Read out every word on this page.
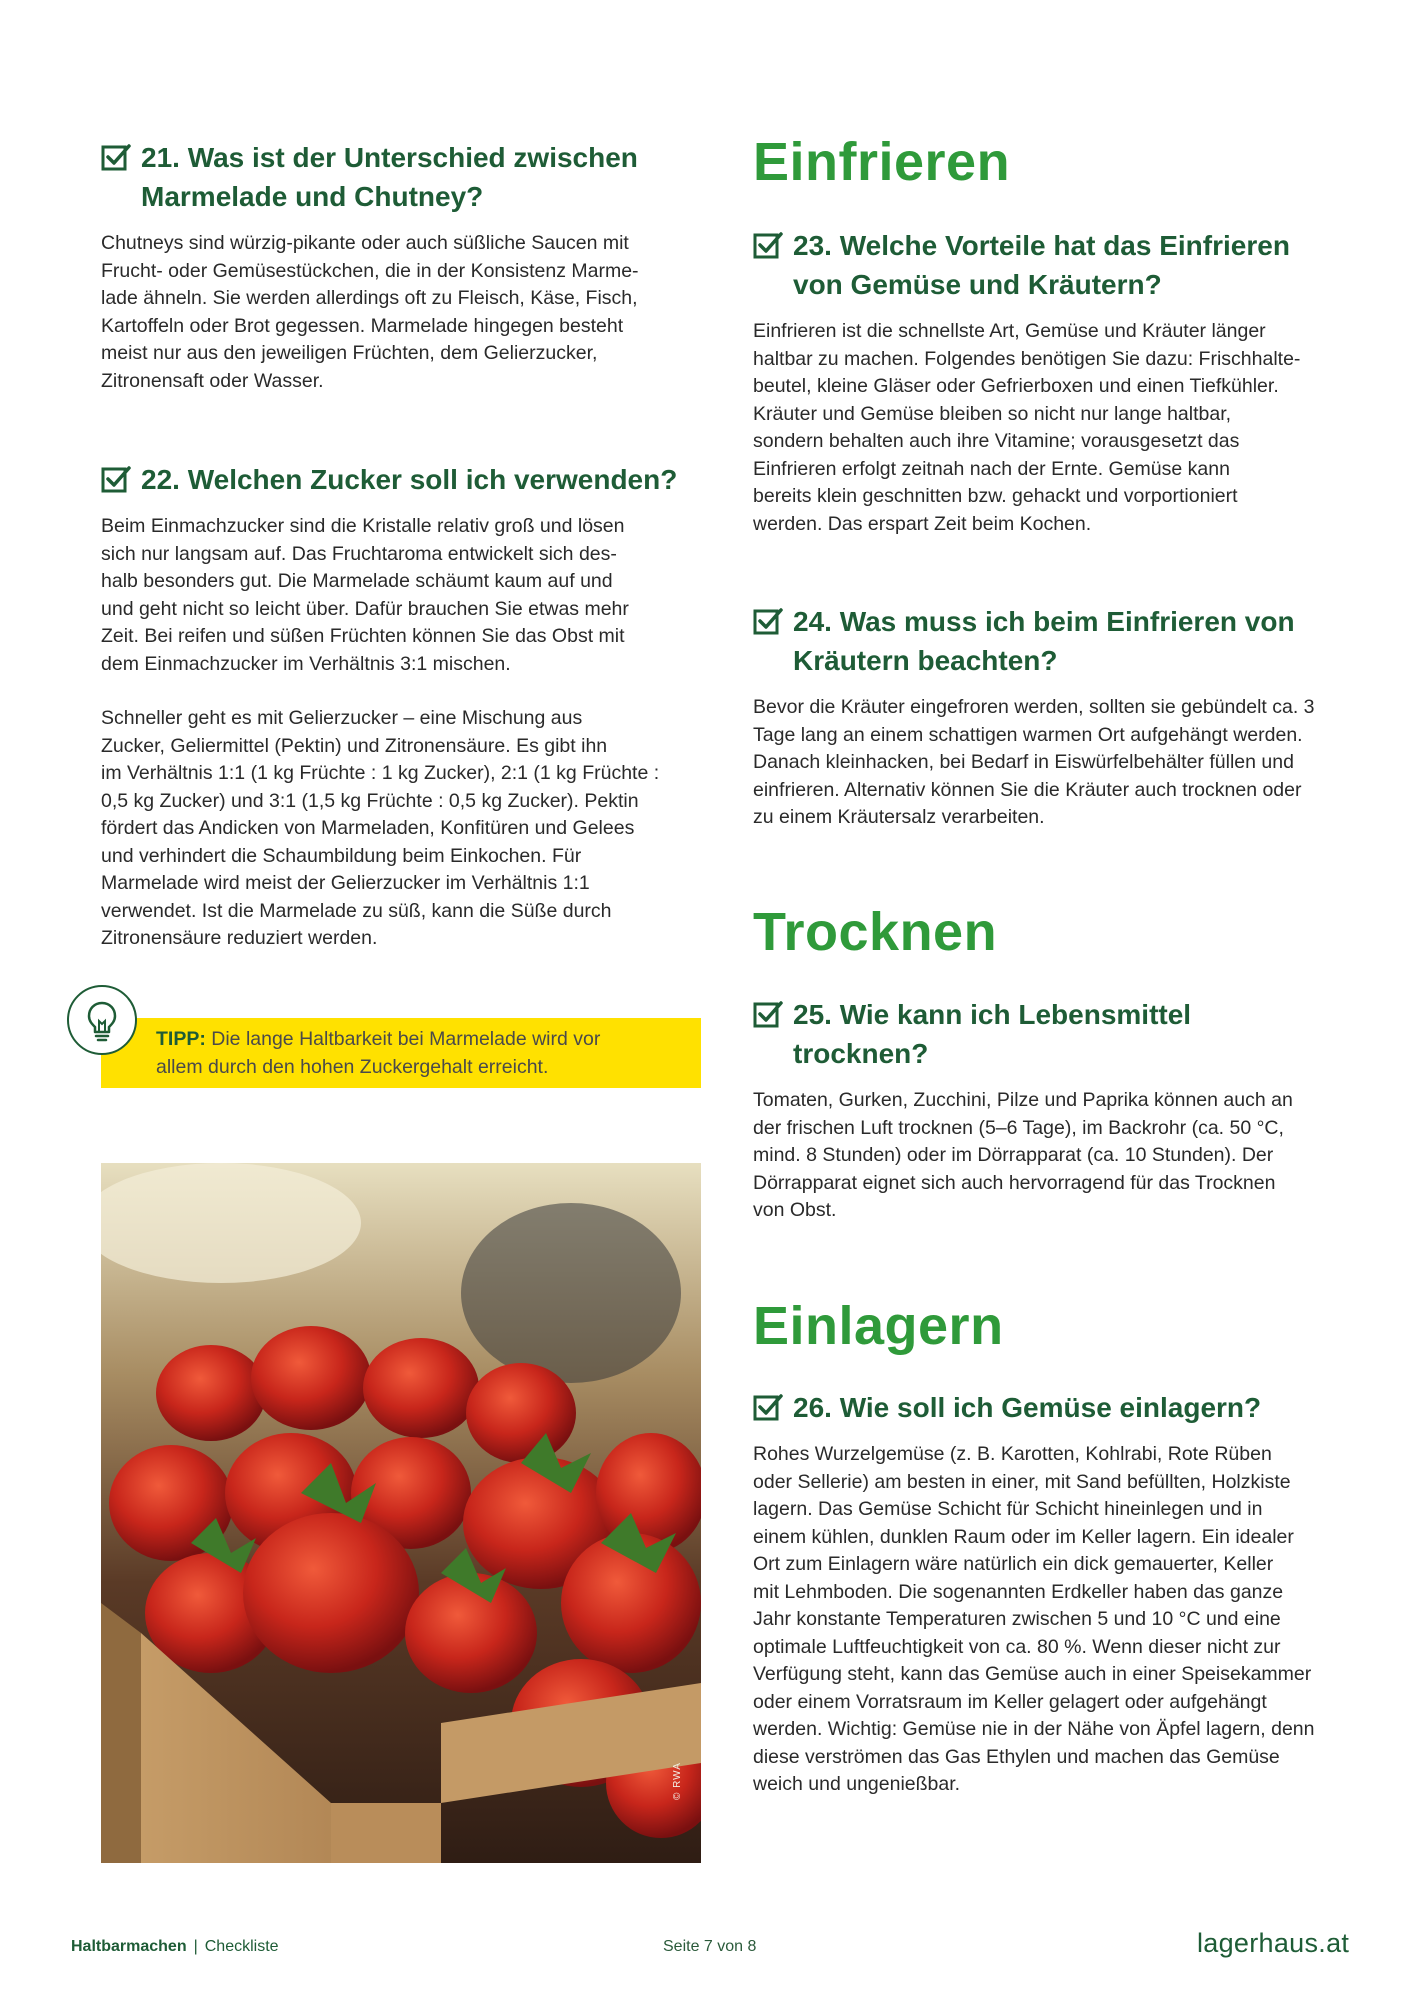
21. Was ist der Unterschied zwischen
Marmelade und Chutney?

Chutneys sind würzig-pikante oder auch süßliche Saucen mit
Frucht- oder Gemüsestückchen, die in der Konsistenz Marme-
lade ähneln. Sie werden allerdings oft zu Fleisch, Käse, Fisch,
Kartoffeln oder Brot gegessen. Marmelade hingegen besteht
meist nur aus den jeweiligen Früchten, dem Gelierzucker,
Zitronensaft oder Wasser.

22. Welchen Zucker soll ich verwenden?

Beim Einmachzucker sind die Kristalle relativ groß und lösen
sich nur langsam auf. Das Fruchtaroma entwickelt sich des-
halb besonders gut. Die Marmelade schäumt kaum auf und
und geht nicht so leicht über. Dafür brauchen Sie etwas mehr
Zeit. Bei reifen und süßen Früchten können Sie das Obst mit
dem Einmachzucker im Verhältnis 3:1 mischen.

Schneller geht es mit Gelierzucker – eine Mischung aus
Zucker, Geliermittel (Pektin) und Zitronensäure. Es gibt ihn
im Verhältnis 1:1 (1 kg Früchte : 1 kg Zucker), 2:1 (1 kg Früchte :
0,5 kg Zucker) und 3:1 (1,5 kg Früchte : 0,5 kg Zucker). Pektin
fördert das Andicken von Marmeladen, Konfitüren und Gelees
und verhindert die Schaumbildung beim Einkochen. Für
Marmelade wird meist der Gelierzucker im Verhältnis 1:1
verwendet. Ist die Marmelade zu süß, kann die Süße durch
Zitronensäure reduziert werden.

TIPP: Die lange Haltbarkeit bei Marmelade wird vor
allem durch den hohen Zuckergehalt erreicht.
© RWA
Einfrieren
23. Welche Vorteile hat das Einfrieren
von Gemüse und Kräutern?

Einfrieren ist die schnellste Art, Gemüse und Kräuter länger
haltbar zu machen. Folgendes benötigen Sie dazu: Frischhalte-
beutel, kleine Gläser oder Gefrierboxen und einen Tiefkühler.
Kräuter und Gemüse bleiben so nicht nur lange haltbar,
sondern behalten auch ihre Vitamine; vorausgesetzt das
Einfrieren erfolgt zeitnah nach der Ernte. Gemüse kann
bereits klein geschnitten bzw. gehackt und vorportioniert
werden. Das erspart Zeit beim Kochen.

24. Was muss ich beim Einfrieren von
Kräutern beachten?

Bevor die Kräuter eingefroren werden, sollten sie gebündelt ca. 3
Tage lang an einem schattigen warmen Ort aufgehängt werden.
Danach kleinhacken, bei Bedarf in Eiswürfelbehälter füllen und
einfrieren. Alternativ können Sie die Kräuter auch trocknen oder
zu einem Kräutersalz verarbeiten.

Trocknen
25. Wie kann ich Lebensmittel
trocknen?

Tomaten, Gurken, Zucchini, Pilze und Paprika können auch an
der frischen Luft trocknen (5–6 Tage), im Backrohr (ca. 50 °C,
mind. 8 Stunden) oder im Dörrapparat (ca. 10 Stunden). Der
Dörrapparat eignet sich auch hervorragend für das Trocknen
von Obst.

Einlagern
26. Wie soll ich Gemüse einlagern?

Rohes Wurzelgemüse (z. B. Karotten, Kohlrabi, Rote Rüben
oder Sellerie) am besten in einer, mit Sand befüllten, Holzkiste
lagern. Das Gemüse Schicht für Schicht hineinlegen und in
einem kühlen, dunklen Raum oder im Keller lagern. Ein idealer
Ort zum Einlagern wäre natürlich ein dick gemauerter, Keller
mit Lehmboden. Die sogenannten Erdkeller haben das ganze
Jahr konstante Temperaturen zwischen 5 und 10 °C und eine
optimale Luftfeuchtigkeit von ca. 80 %. Wenn dieser nicht zur
Verfügung steht, kann das Gemüse auch in einer Speisekammer
oder einem Vorratsraum im Keller gelagert oder aufgehängt
werden. Wichtig: Gemüse nie in der Nähe von Äpfel lagern, denn
diese verströmen das Gas Ethylen und machen das Gemüse
weich und ungenießbar.

Haltbarmachen | Checkliste	Seite 7 von 8	lagerhaus.at
